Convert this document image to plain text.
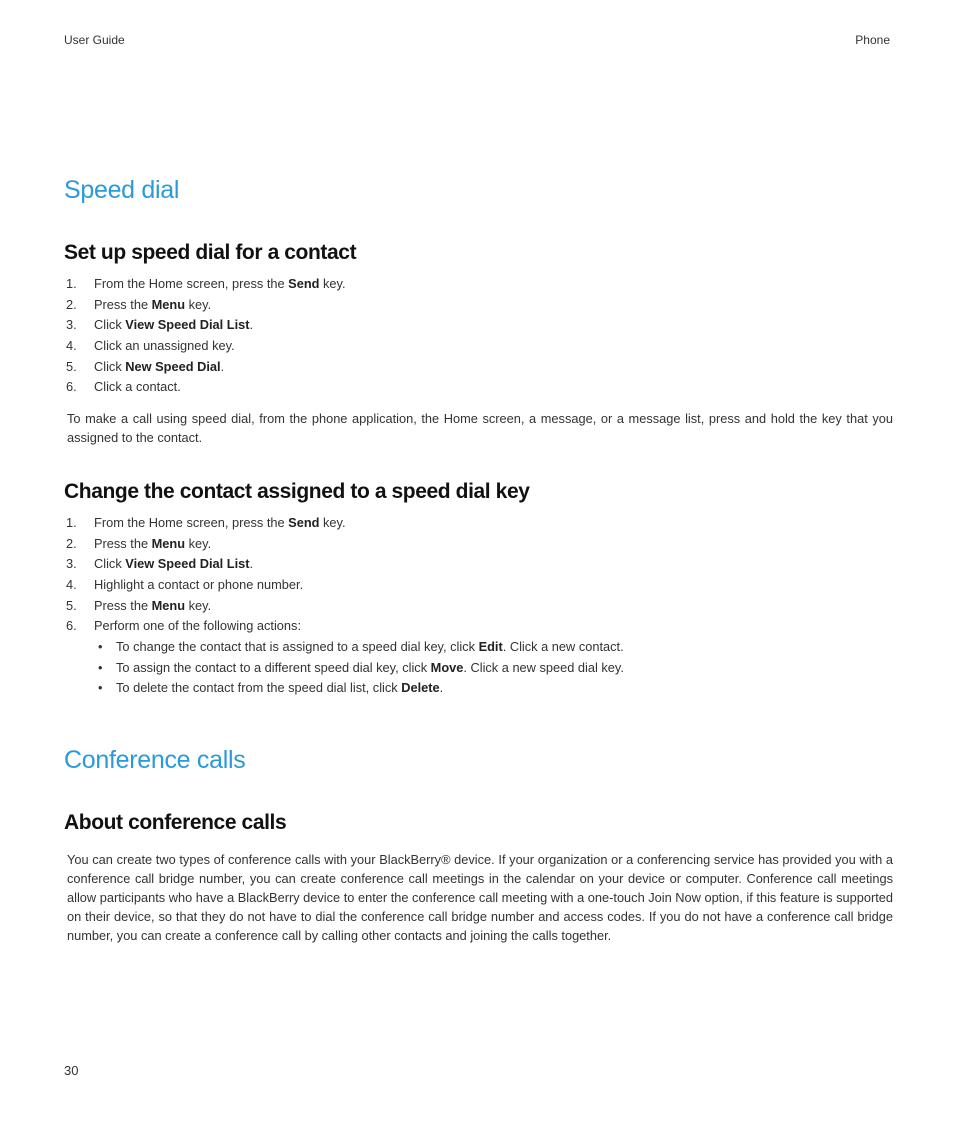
User Guide	Phone
Speed dial
Set up speed dial for a contact
1. From the Home screen, press the Send key.
2. Press the Menu key.
3. Click View Speed Dial List.
4. Click an unassigned key.
5. Click New Speed Dial.
6. Click a contact.

To make a call using speed dial, from the phone application, the Home screen, a message, or a message list, press and hold the key that you assigned to the contact.

Change the contact assigned to a speed dial key
1. From the Home screen, press the Send key.
2. Press the Menu key.
3. Click View Speed Dial List.
4. Highlight a contact or phone number.
5. Press the Menu key.
6. Perform one of the following actions:
• To change the contact that is assigned to a speed dial key, click Edit. Click a new contact.
• To assign the contact to a different speed dial key, click Move. Click a new speed dial key.
• To delete the contact from the speed dial list, click Delete.
Conference calls
About conference calls

You can create two types of conference calls with your BlackBerry® device. If your organization or a conferencing service has provided you with a conference call bridge number, you can create conference call meetings in the calendar on your device or computer. Conference call meetings allow participants who have a BlackBerry device to enter the conference call meeting with a one-touch Join Now option, if this feature is supported on their device, so that they do not have to dial the conference call bridge number and access codes. If you do not have a conference call bridge number, you can create a conference call by calling other contacts and joining the calls together.

30
